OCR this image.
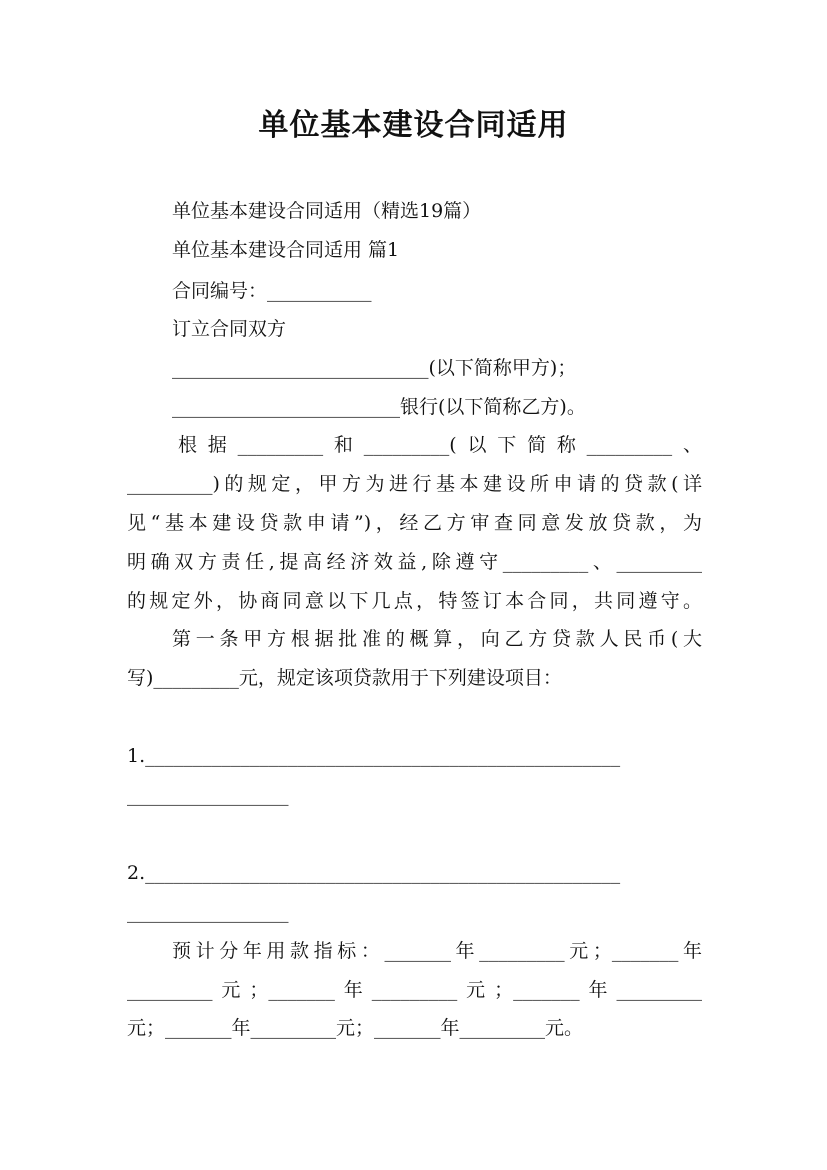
单位基本建设合同适用
单位基本建设合同适用（精选19篇）
单位基本建设合同适用 篇1
合同编号：___________
订立合同双方
___________________________(以下简称甲方)；
________________________银行(以下简称乙方)。
根据_________和_________(以下简称_________、
_________)的规定，甲方为进行基本建设所申请的贷款(详
见“基本建设贷款申请”)，经乙方审查同意发放贷款，为
明确双方责任,提高经济效益,除遵守_________、_________
的规定外，协商同意以下几点，特签订本合同，共同遵守。
第一条甲方根据批准的概算，向乙方贷款人民币(大
写)_________元，规定该项贷款用于下列建设项目：
1.__________________________________________________
_________________
2.__________________________________________________
_________________
预计分年用款指标：_______年_________元；_______年
_________元；_______年_________元；_______年_________
元；_______年_________元；_______年_________元。
